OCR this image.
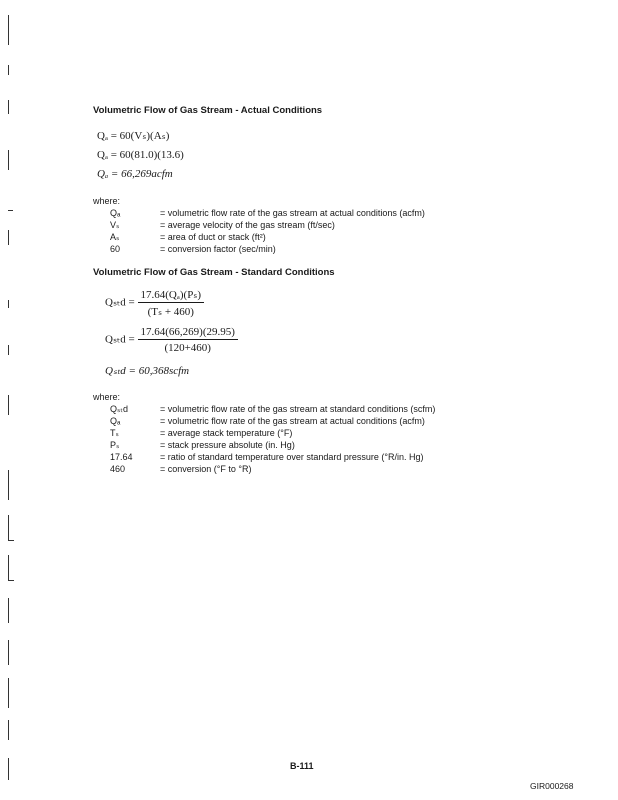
Volumetric Flow of Gas Stream - Actual Conditions
Qₐ = 60(Vₛ)(Aₛ)
Qₐ = 60(81.0)(13.6)
Qₐ = 66,269acfm
where:
Qₐ	= volumetric flow rate of the gas stream at actual conditions (acfm)
Vₛ	= average velocity of the gas stream (ft/sec)
Aₛ	= area of duct or stack (ft²)
60	= conversion factor (sec/min)
Volumetric Flow of Gas Stream - Standard Conditions
$Q_{st}d = \frac{\text{17.64(Qₐ)(Pₛ)}}{\text{(Tₛ + 460)}}$
$Q_{st}d = \frac{17.64(66,269)(29.95)}{(120+460)}$
Qₛₜd = 60,368scfm
where:
Qₛₜd	= volumetric flow rate of the gas stream at standard conditions (scfm)
Qₐ	= volumetric flow rate of the gas stream at actual conditions (acfm)
Tₛ	= average stack temperature (°F)
Pₛ	= stack pressure absolute (in. Hg)
17.64	= ratio of standard temperature over standard pressure (°R/in. Hg)
460	= conversion (°F to °R)
B-111
GIR000268
